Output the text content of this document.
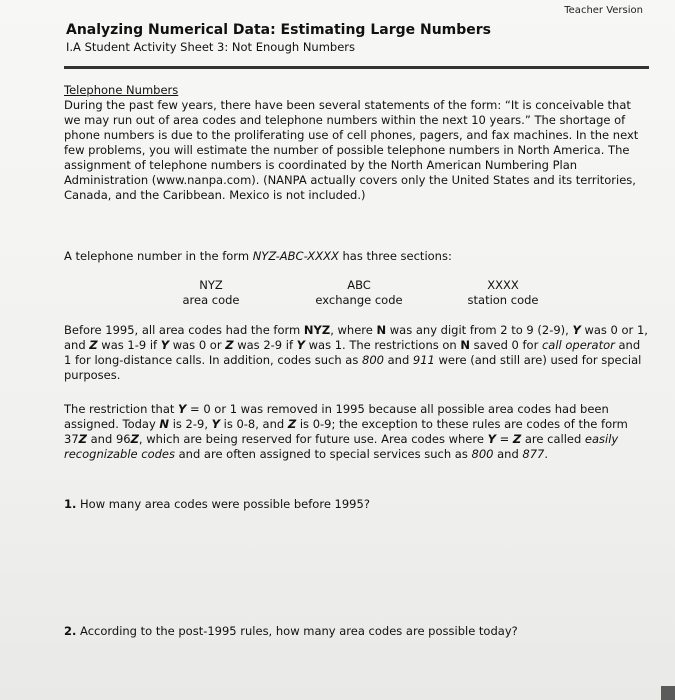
Teacher Version
Analyzing Numerical Data: Estimating Large Numbers
I.A Student Activity Sheet 3: Not Enough Numbers
Telephone Numbers

During the past few years, there have been several statements of the form: “It is conceivable that we may run out of area codes and telephone numbers within the next 10 years.” The shortage of phone numbers is due to the proliferating use of cell phones, pagers, and fax machines. In the next few problems, you will estimate the number of possible telephone numbers in North America. The assignment of telephone numbers is coordinated by the North American Numbering Plan Administration (www.nanpa.com). (NANPA actually covers only the United States and its territories, Canada, and the Caribbean. Mexico is not included.)

A telephone number in the form NYZ-ABC-XXXX has three sections:

NYZ
area code
ABC
exchange code
XXXX
station code

Before 1995, all area codes had the form NYZ, where N was any digit from 2 to 9 (2-9), Y was 0 or 1, and Z was 1-9 if Y was 0 or Z was 2-9 if Y was 1. The restrictions on N saved 0 for call operator and 1 for long-distance calls. In addition, codes such as 800 and 911 were (and still are) used for special purposes.

The restriction that Y = 0 or 1 was removed in 1995 because all possible area codes had been assigned. Today N is 2-9, Y is 0-8, and Z is 0-9; the exception to these rules are codes of the form 37Z and 96Z, which are being reserved for future use. Area codes where Y = Z are called easily recognizable codes and are often assigned to special services such as 800 and 877.

1. How many area codes were possible before 1995?
2. According to the post-1995 rules, how many area codes are possible today?
